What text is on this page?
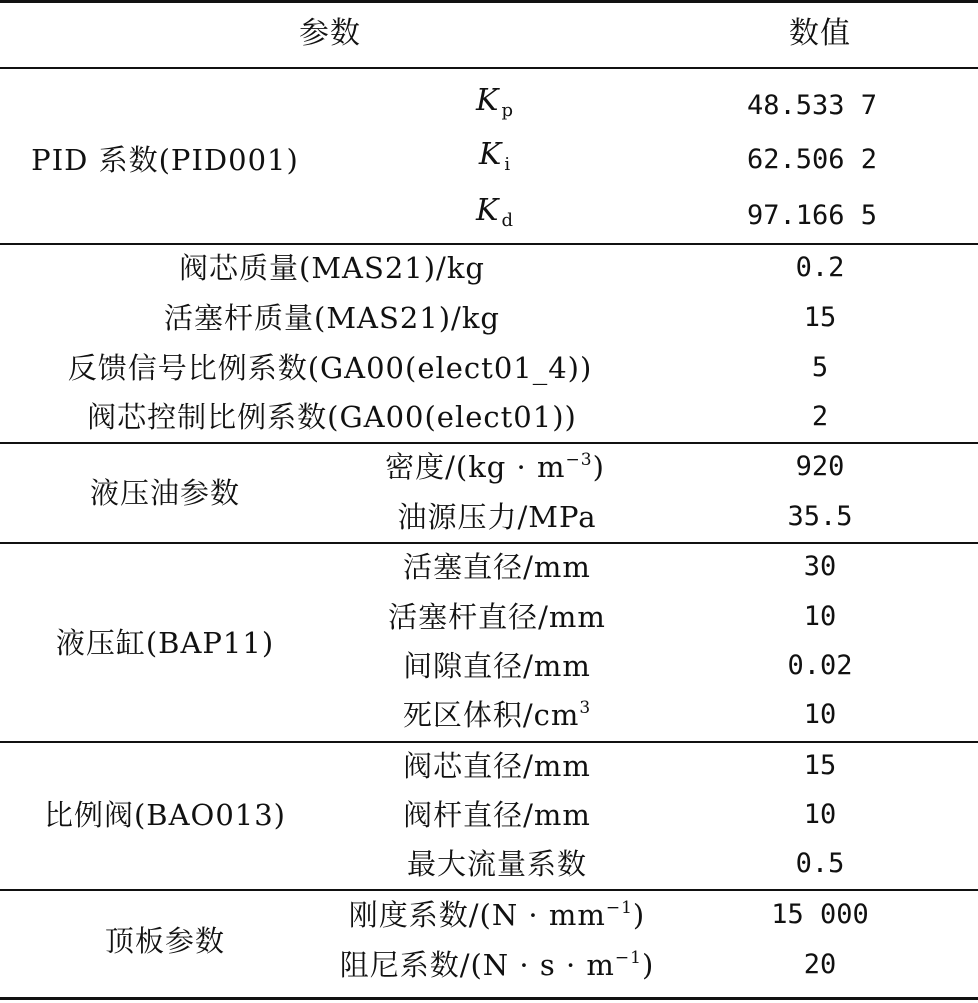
参数	数值
PID 系数(PID001)
K $_p$
K $_i$
K $_d$
48.533 7
62.506 2
97.166 5
阀芯质量(MAS21)/kg
活塞杆质量(MAS21)/kg
反馈信号比例系数(GA00(elect01_4))
阀芯控制比例系数(GA00(elect01))
0.2
15
5
2
液压油参数
密度$/(kg \cdot m^{-3})$
油源压力/MPa
920
35.5
液压缸(BAP11)
活塞直径/mm
活塞杆直径/mm
间隙直径/mm
死区体积$/cm^3$
30
10
0.02
10
比例阀(BAO013)
阀芯直径/mm
阀杆直径/mm
最大流量系数
15
10
0.5
顶板参数
刚度系数$/(N \cdot mm^{-1})$
阻尼系数$/(N \cdot s \cdot m^{-1})$
15 000
20
